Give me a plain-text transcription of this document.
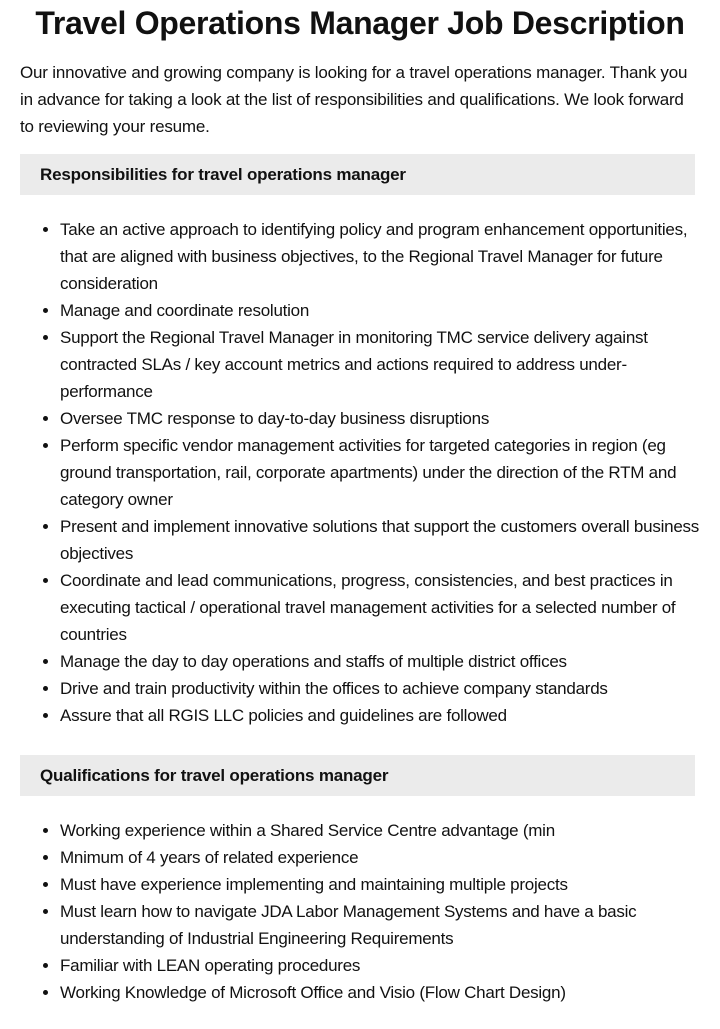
Travel Operations Manager Job Description

Our innovative and growing company is looking for a travel operations manager. Thank you in advance for taking a look at the list of responsibilities and qualifications. We look forward to reviewing your resume.

Responsibilities for travel operations manager
• Take an active approach to identifying policy and program enhancement opportunities, that are aligned with business objectives, to the Regional Travel Manager for future consideration
• Manage and coordinate resolution
• Support the Regional Travel Manager in monitoring TMC service delivery against contracted SLAs / key account metrics and actions required to address under-performance
• Oversee TMC response to day-to-day business disruptions
• Perform specific vendor management activities for targeted categories in region (eg ground transportation, rail, corporate apartments) under the direction of the RTM and category owner
• Present and implement innovative solutions that support the customers overall business objectives
• Coordinate and lead communications, progress, consistencies, and best practices in executing tactical / operational travel management activities for a selected number of countries
• Manage the day to day operations and staffs of multiple district offices
• Drive and train productivity within the offices to achieve company standards
• Assure that all RGIS LLC policies and guidelines are followed
Qualifications for travel operations manager
• Working experience within a Shared Service Centre advantage (min
• Mnimum of 4 years of related experience
• Must have experience implementing and maintaining multiple projects
• Must learn how to navigate JDA Labor Management Systems and have a basic understanding of Industrial Engineering Requirements
• Familiar with LEAN operating procedures
• Working Knowledge of Microsoft Office and Visio (Flow Chart Design)
